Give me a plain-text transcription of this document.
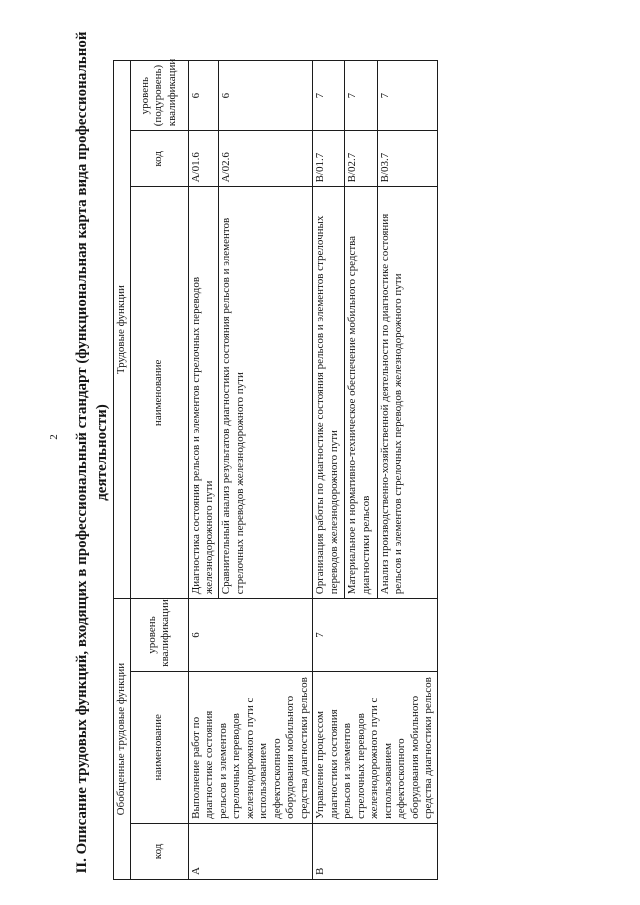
2 II. Описание трудовых функций, входящих в профессиональный стандарт (функциональная карта вида профессиональной деятельности)
Обобщенные трудовые функции			Трудовые функции		
код	наименование	уровень квалификации	наименование	код	уровень (подуровень) квалификации
А	Выполнение работ по диагностике состояния рельсов и элементов стрелочных переводов железнодорожного пути с использованием дефектоскопного оборудования мобильного средства диагностики рельсов	6	Диагностика состояния рельсов и элементов стрелочных переводов железнодорожного пути	A/01.6	6
			Сравнительный анализ результатов диагностики состояния рельсов и элементов стрелочных переводов железнодорожного пути	A/02.6	6
В	Управление процессом диагностики состояния рельсов и элементов стрелочных переводов железнодорожного пути с использованием дефектоскопного оборудования мобильного средства диагностики рельсов	7	Организация работы по диагностике состояния рельсов и элементов стрелочных переводов железнодорожного пути	B/01.7	7
			Материальное и нормативно-техническое обеспечение мобильного средства диагностики рельсов	B/02.7	7
			Анализ производственно-хозяйственной деятельности по диагностике состояния рельсов и элементов стрелочных переводов железнодорожного пути	B/03.7	7
